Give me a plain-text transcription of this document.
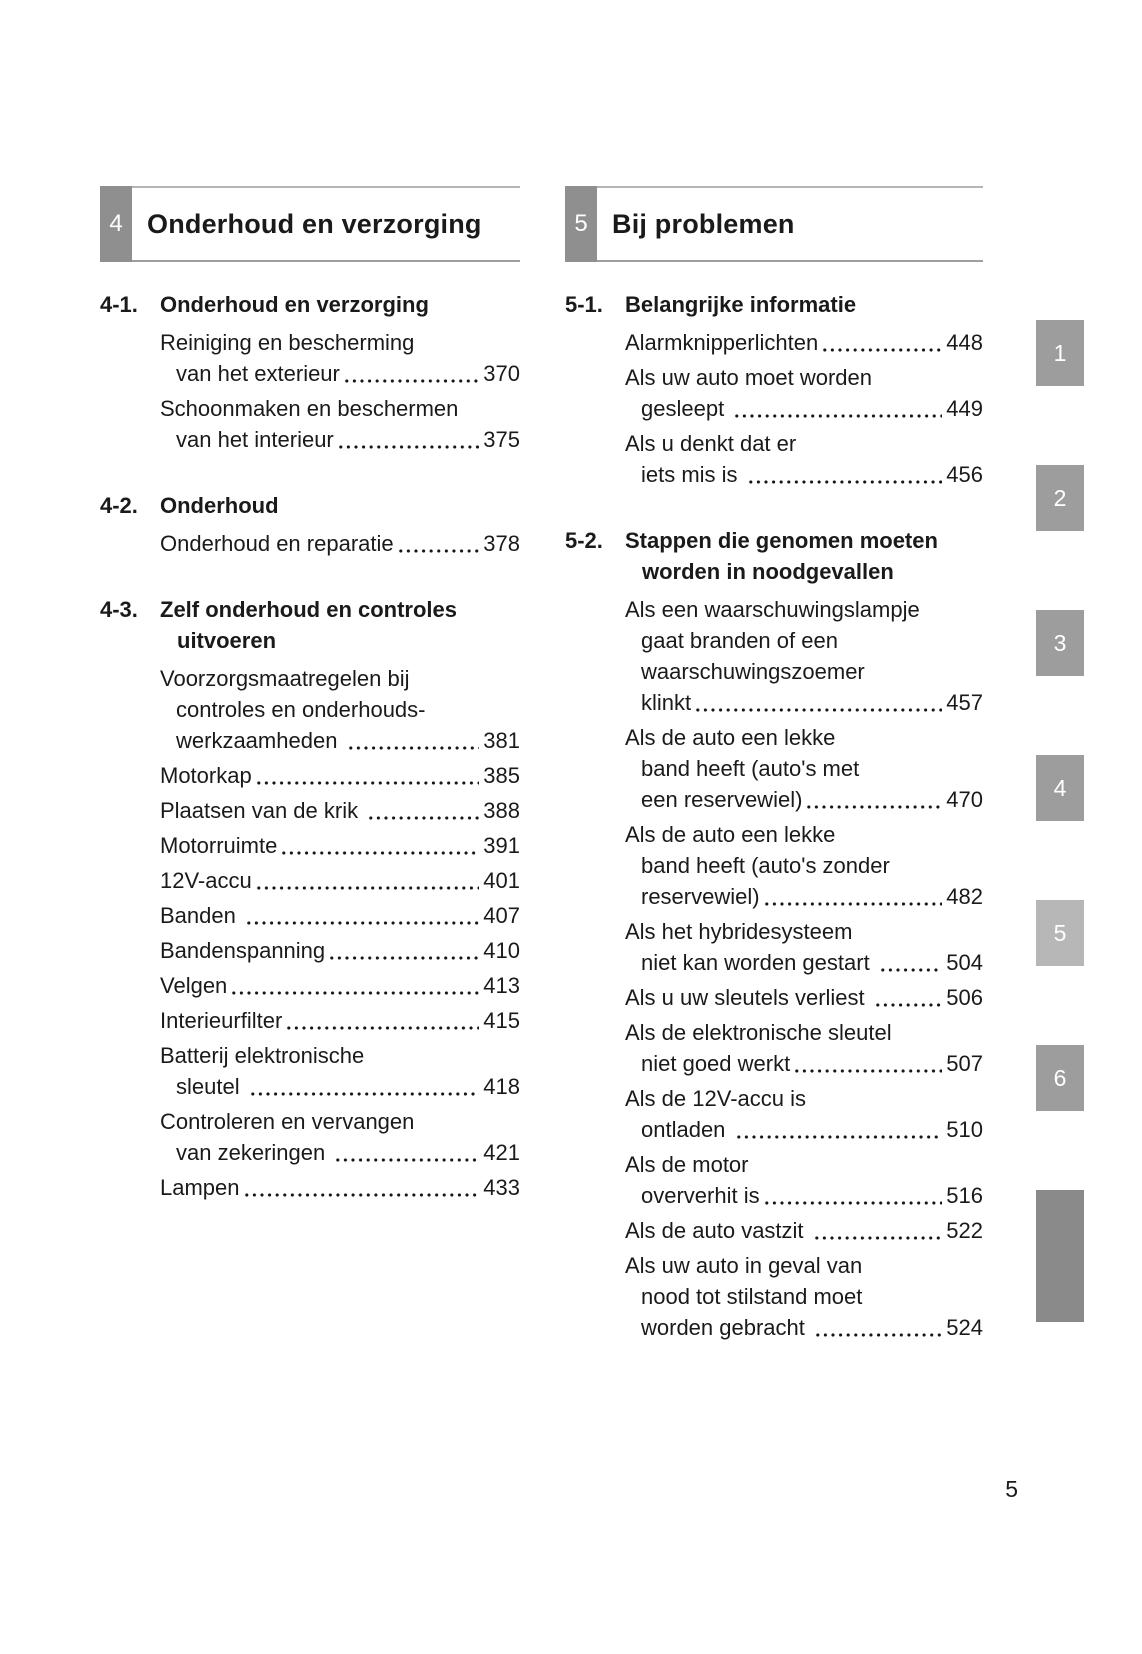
4 Onderhoud en verzorging
4-1. Onderhoud en verzorging
Reiniging en bescherming
van het exterieur	370
Schoonmaken en beschermen
van het interieur	375
4-2. Onderhoud
Onderhoud en reparatie	378
4-3. Zelf onderhoud en controles
uitvoeren
Voorzorgsmaatregelen bij
controles en onderhouds-
werkzaamheden	381
Motorkap	385
Plaatsen van de krik	388
Motorruimte	391
12V-accu	401
Banden	407
Bandenspanning	410
Velgen	413
Interieurfilter	415
Batterij elektronische
sleutel	418
Controleren en vervangen
van zekeringen	421
Lampen	433
5 Bij problemen
5-1. Belangrijke informatie
Alarmknipperlichten	448
Als uw auto moet worden
gesleept	449
Als u denkt dat er
iets mis is	456
5-2. Stappen die genomen moeten
worden in noodgevallen
Als een waarschuwingslampje
gaat branden of een
waarschuwingszoemer
klinkt	457
Als de auto een lekke
band heeft (auto's met
een reservewiel)	470
Als de auto een lekke
band heeft (auto's zonder
reservewiel)	482
Als het hybridesysteem
niet kan worden gestart	504
Als u uw sleutels verliest	506
Als de elektronische sleutel
niet goed werkt	507
Als de 12V-accu is
ontladen	510
Als de motor
oververhit is	516
Als de auto vastzit	522
Als uw auto in geval van
nood tot stilstand moet
worden gebracht	524
1
2
3
4
5
6
5
